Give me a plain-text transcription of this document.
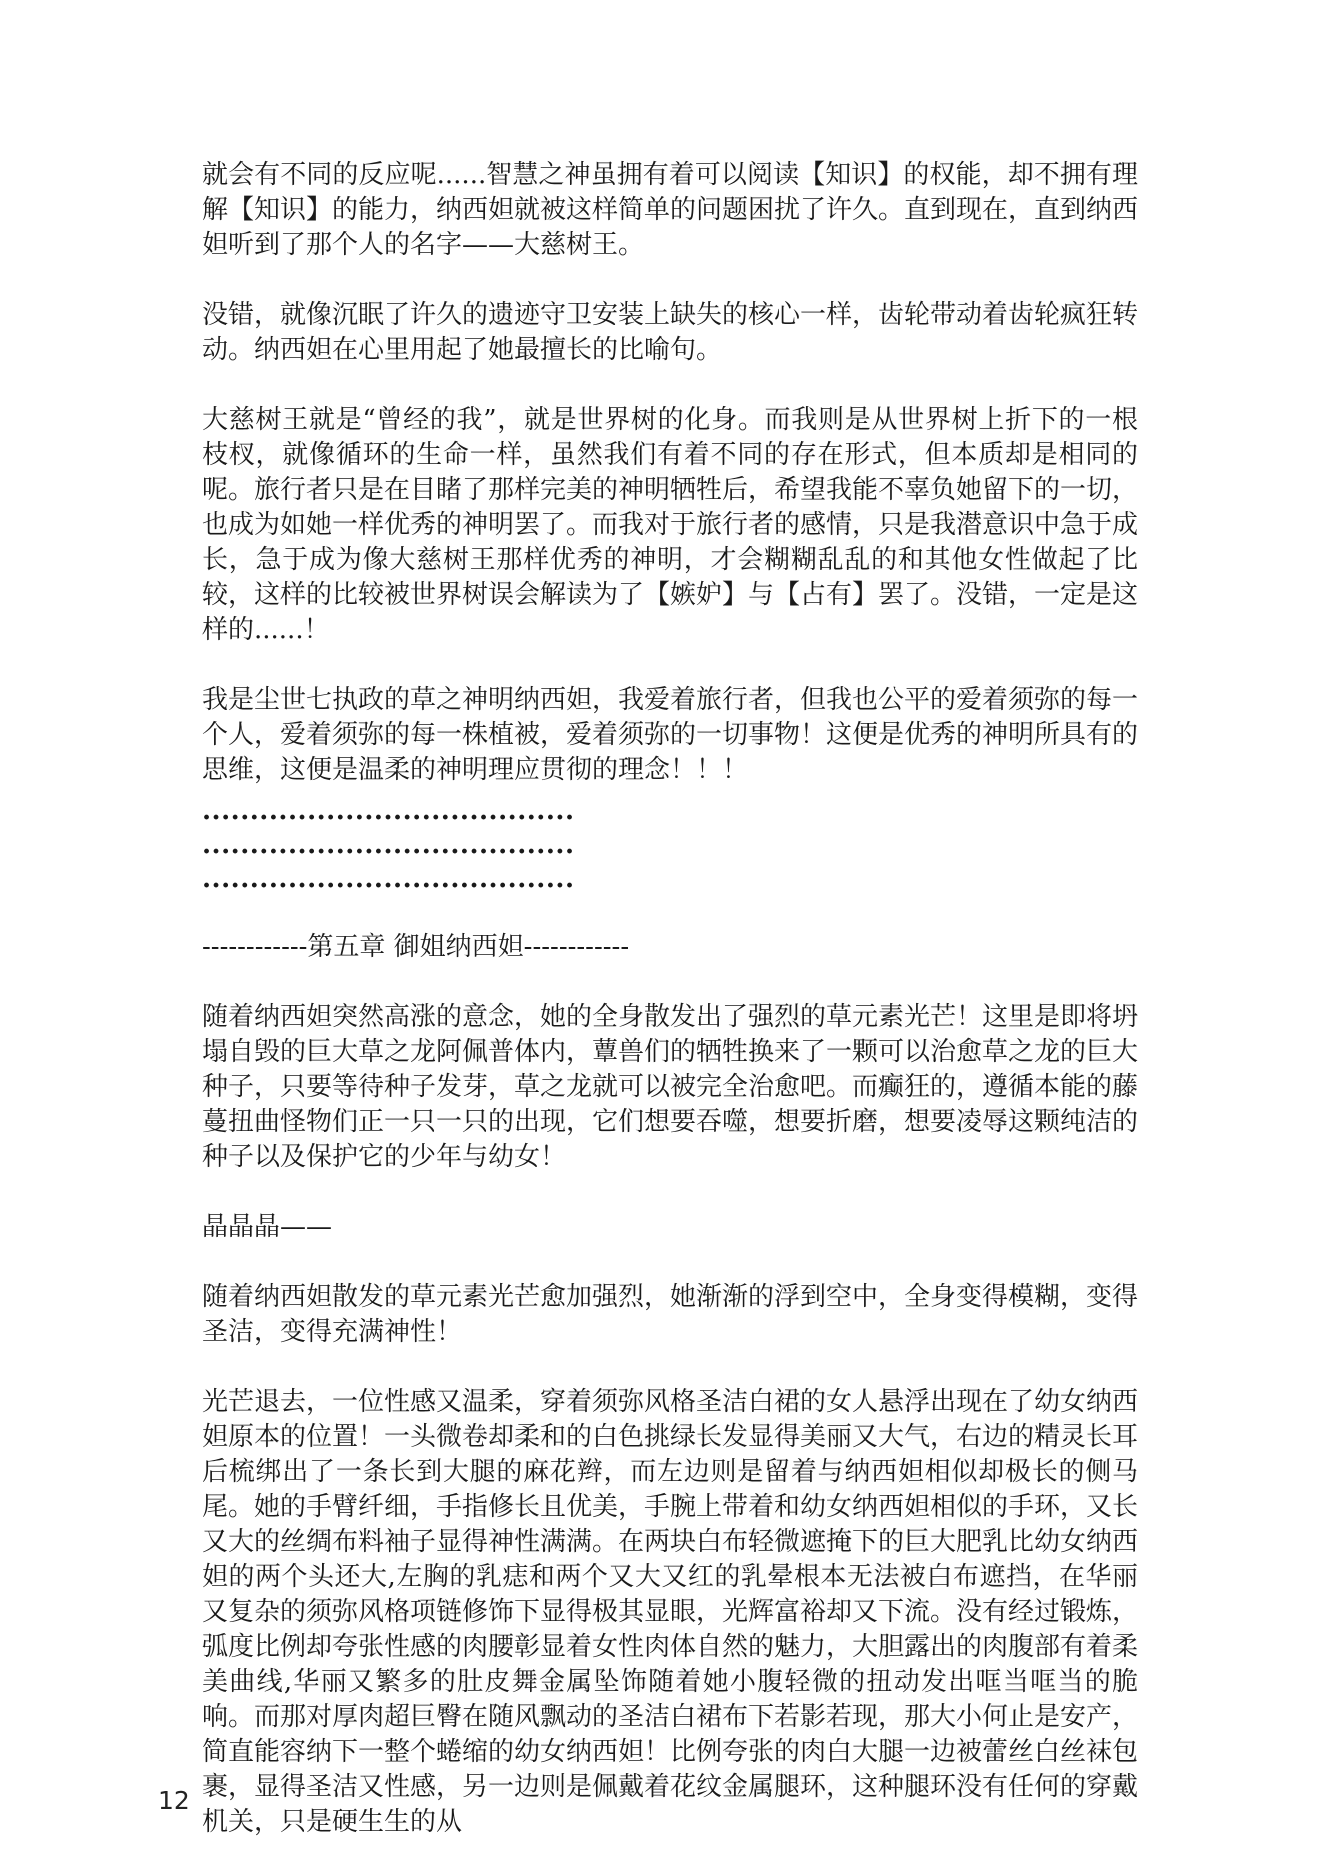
就会有不同的反应呢......智慧之神虽拥有着可以阅读【知识】的权能，却不拥有理解【知识】的能力，纳西妲就被这样简单的问题困扰了许久。直到现在，直到纳西妲听到了那个人的名字——大慈树王。

没错，就像沉眠了许久的遗迹守卫安装上缺失的核心一样，齿轮带动着齿轮疯狂转动。纳西妲在心里用起了她最擅长的比喻句。

大慈树王就是“曾经的我”，就是世界树的化身。而我则是从世界树上折下的一根枝杈，就像循环的生命一样，虽然我们有着不同的存在形式，但本质却是相同的呢。旅行者只是在目睹了那样完美的神明牺牲后，希望我能不辜负她留下的一切，也成为如她一样优秀的神明罢了。而我对于旅行者的感情，只是我潜意识中急于成长，急于成为像大慈树王那样优秀的神明，才会糊糊乱乱的和其他女性做起了比较，这样的比较被世界树误会解读为了【嫉妒】与【占有】罢了。没错，一定是这样的......！

我是尘世七执政的草之神明纳西妲，我爱着旅行者，但我也公平的爱着须弥的每一个人，爱着须弥的每一株植被，爱着须弥的一切事物！这便是优秀的神明所具有的思维，这便是温柔的神明理应贯彻的理念！！！

.......................................

.......................................

.......................................

------------第五章 御姐纳西妲------------

随着纳西妲突然高涨的意念，她的全身散发出了强烈的草元素光芒！这里是即将坍塌自毁的巨大草之龙阿佩普体内，蕈兽们的牺牲换来了一颗可以治愈草之龙的巨大种子，只要等待种子发芽，草之龙就可以被完全治愈吧。而癫狂的，遵循本能的藤蔓扭曲怪物们正一只一只的出现，它们想要吞噬，想要折磨，想要凌辱这颗纯洁的种子以及保护它的少年与幼女！

晶晶晶——

随着纳西妲散发的草元素光芒愈加强烈，她渐渐的浮到空中，全身变得模糊，变得圣洁，变得充满神性！

光芒退去，一位性感又温柔，穿着须弥风格圣洁白裙的女人悬浮出现在了幼女纳西妲原本的位置！一头微卷却柔和的白色挑绿长发显得美丽又大气，右边的精灵长耳后梳绑出了一条长到大腿的麻花辫，而左边则是留着与纳西妲相似却极长的侧马尾。她的手臂纤细，手指修长且优美，手腕上带着和幼女纳西妲相似的手环，又长又大的丝绸布料袖子显得神性满满。在两块白布轻微遮掩下的巨大肥乳比幼女纳西妲的两个头还大,左胸的乳痣和两个又大又红的乳晕根本无法被白布遮挡，在华丽又复杂的须弥风格项链修饰下显得极其显眼，光辉富裕却又下流。没有经过锻炼，弧度比例却夸张性感的肉腰彰显着女性肉体自然的魅力，大胆露出的肉腹部有着柔美曲线,华丽又繁多的肚皮舞金属坠饰随着她小腹轻微的扭动发出哐当哐当的脆响。而那对厚肉超巨臀在随风飘动的圣洁白裙布下若影若现，那大小何止是安产，简直能容纳下一整个蜷缩的幼女纳西妲！比例夸张的肉白大腿一边被蕾丝白丝袜包裹，显得圣洁又性感，另一边则是佩戴着花纹金属腿环，这种腿环没有任何的穿戴机关，只是硬生生的从

12
